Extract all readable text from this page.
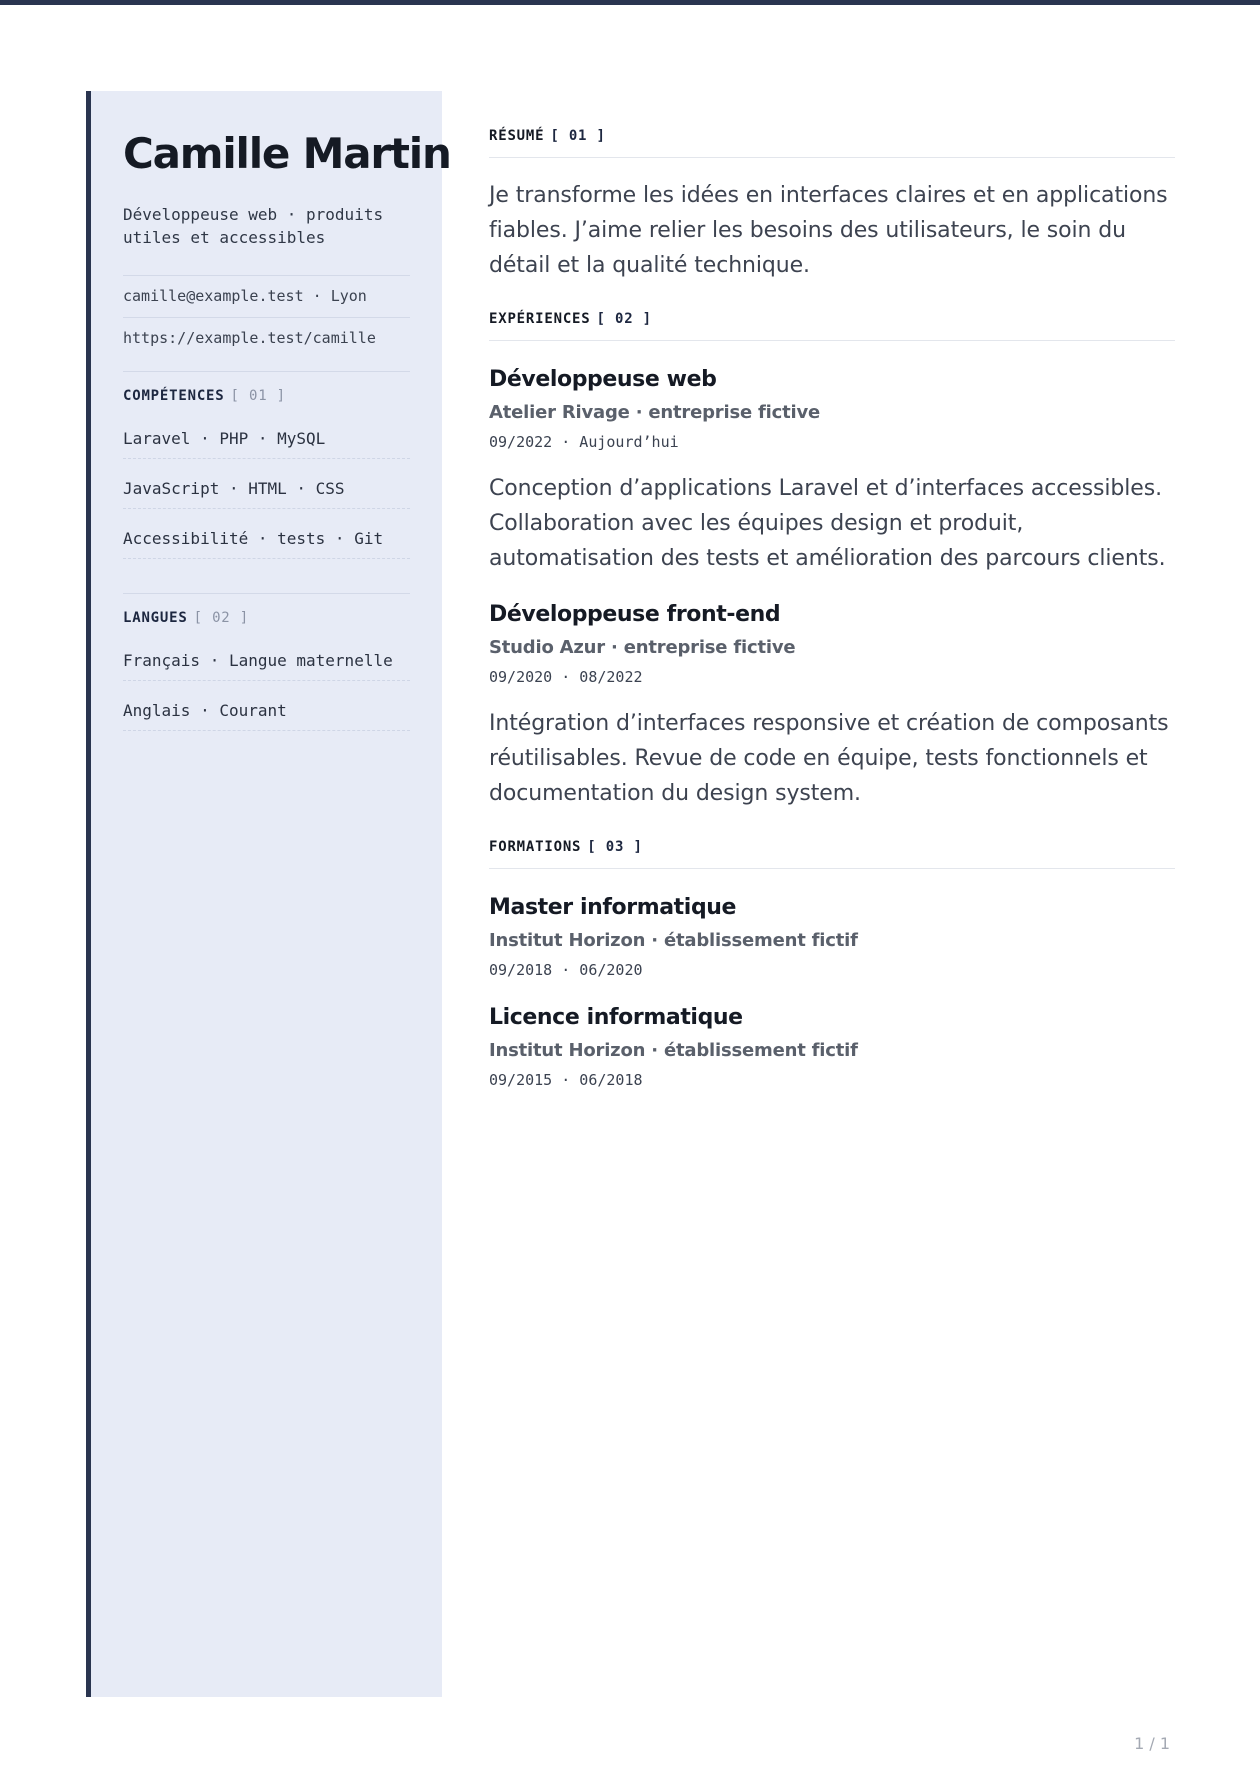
Camille Martin
Développeuse web · produits utiles et accessibles
camille@example.test · Lyon
https://example.test/camille
COMPÉTENCES [ 01 ]
Laravel · PHP · MySQL
JavaScript · HTML · CSS
Accessibilité · tests · Git
LANGUES [ 02 ]
Français · Langue maternelle
Anglais · Courant
RÉSUMÉ [ 01 ]

Je transforme les idées en interfaces claires et en applications fiables. J’aime relier les besoins des utilisateurs, le soin du détail et la qualité technique.

EXPÉRIENCES [ 02 ]
Développeuse web
Atelier Rivage · entreprise fictive
09/2022 · Aujourd’hui

Conception d’applications Laravel et d’interfaces accessibles. Collaboration avec les équipes design et produit, automatisation des tests et amélioration des parcours clients.

Développeuse front-end
Studio Azur · entreprise fictive
09/2020 · 08/2022

Intégration d’interfaces responsive et création de composants réutilisables. Revue de code en équipe, tests fonctionnels et documentation du design system.

FORMATIONS [ 03 ]
Master informatique
Institut Horizon · établissement fictif
09/2018 · 06/2020
Licence informatique
Institut Horizon · établissement fictif
09/2015 · 06/2018
1 / 1
